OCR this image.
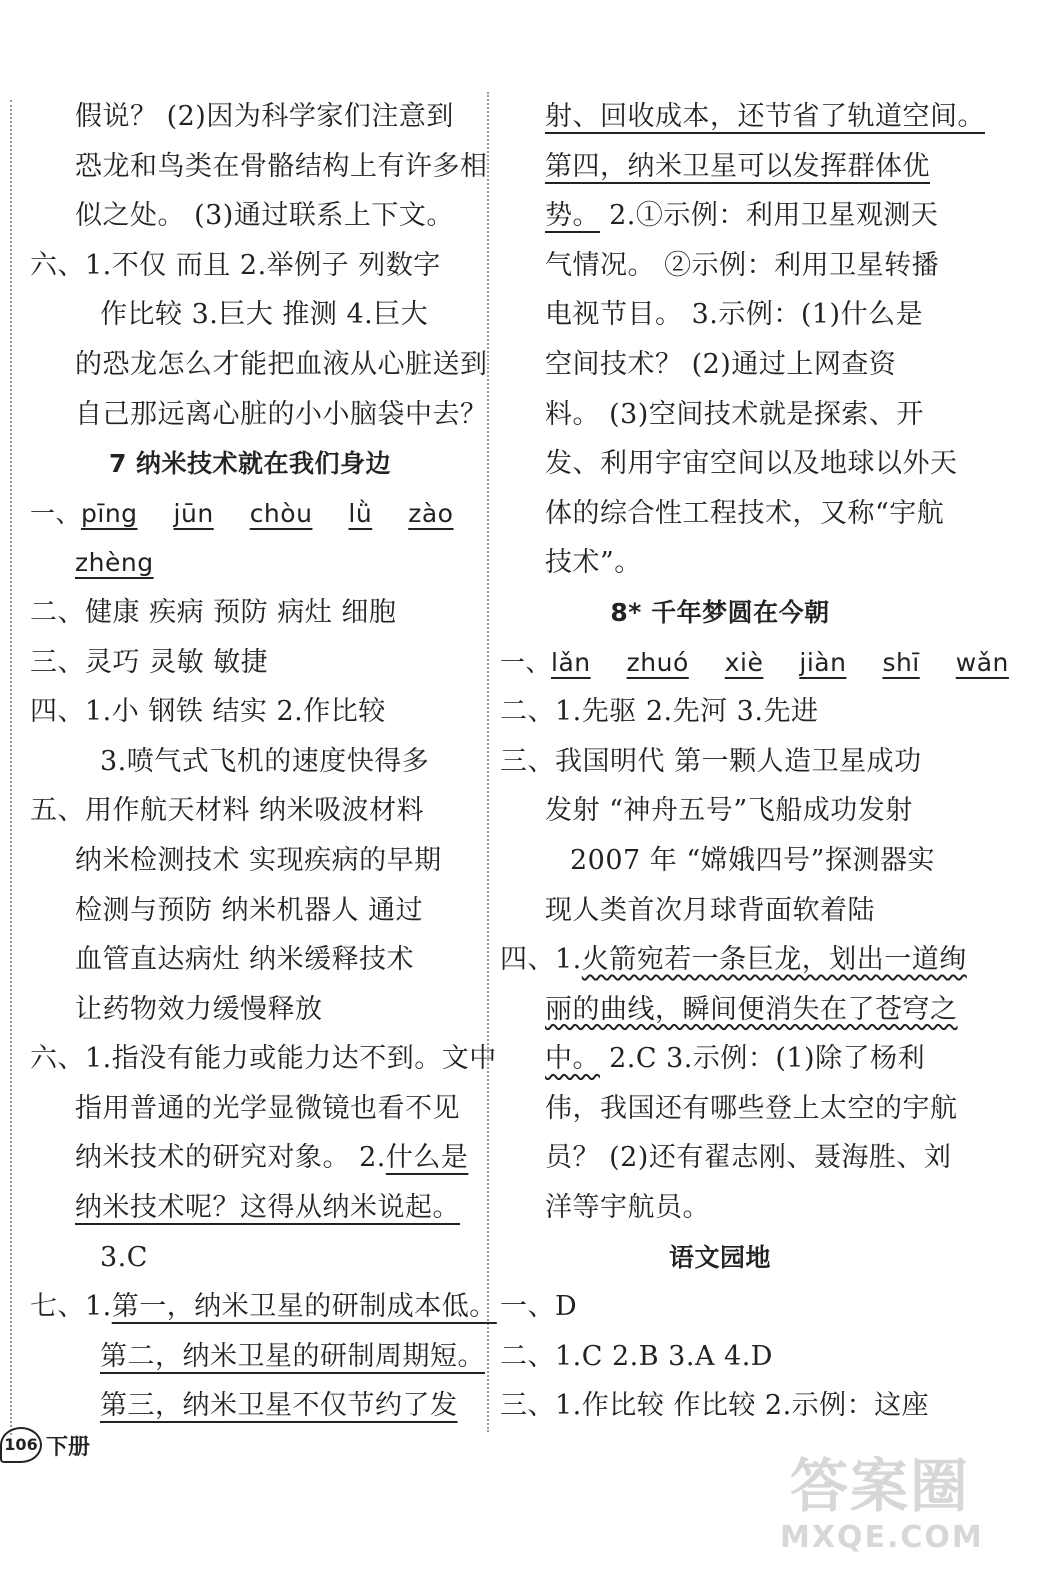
假说？ (2)因为科学家们注意到
恐龙和鸟类在骨骼结构上有许多相
似之处。 (3)通过联系上下文。
六、1.不仅 而且 2.举例子 列数字
作比较 3.巨大 推测 4.巨大
的恐龙怎么才能把血液从心脏送到
自己那远离心脏的小小脑袋中去？
7 纳米技术就在我们身边
一、pīng jūn chòu lǜ zào
zhèng
二、健康 疾病 预防 病灶 细胞
三、灵巧 灵敏 敏捷
四、1.小 钢铁 结实 2.作比较
3.喷气式飞机的速度快得多
五、用作航天材料 纳米吸波材料
纳米检测技术 实现疾病的早期
检测与预防 纳米机器人 通过
血管直达病灶 纳米缓释技术
让药物效力缓慢释放
六、1.指没有能力或能力达不到。文中
指用普通的光学显微镜也看不见
纳米技术的研究对象。 2.什么是
纳米技术呢？这得从纳米说起。
3.C
七、1.第一，纳米卫星的研制成本低。
第二，纳米卫星的研制周期短。
第三，纳米卫星不仅节约了发
射、回收成本，还节省了轨道空间。
第四，纳米卫星可以发挥群体优
势。 2.①示例：利用卫星观测天
气情况。 ②示例：利用卫星转播
电视节目。 3.示例：(1)什么是
空间技术？ (2)通过上网查资
料。 (3)空间技术就是探索、开
发、利用宇宙空间以及地球以外天
体的综合性工程技术，又称“宇航
技术”。
8* 千年梦圆在今朝
一、lǎn zhuó xiè jiàn shī wǎn
二、1.先驱 2.先河 3.先进
三、我国明代 第一颗人造卫星成功
发射 “神舟五号”飞船成功发射
2007 年 “嫦娥四号”探测器实
现人类首次月球背面软着陆
四、1.火箭宛若一条巨龙，划出一道绚
丽的曲线，瞬间便消失在了苍穹之
中。 2.C 3.示例：(1)除了杨利
伟，我国还有哪些登上太空的宇航
员？ (2)还有翟志刚、聂海胜、刘
洋等宇航员。
语文园地
一、D
二、1.C 2.B 3.A 4.D
三、1.作比较 作比较 2.示例：这座
106 下册
答案圈
MXQE.COM
